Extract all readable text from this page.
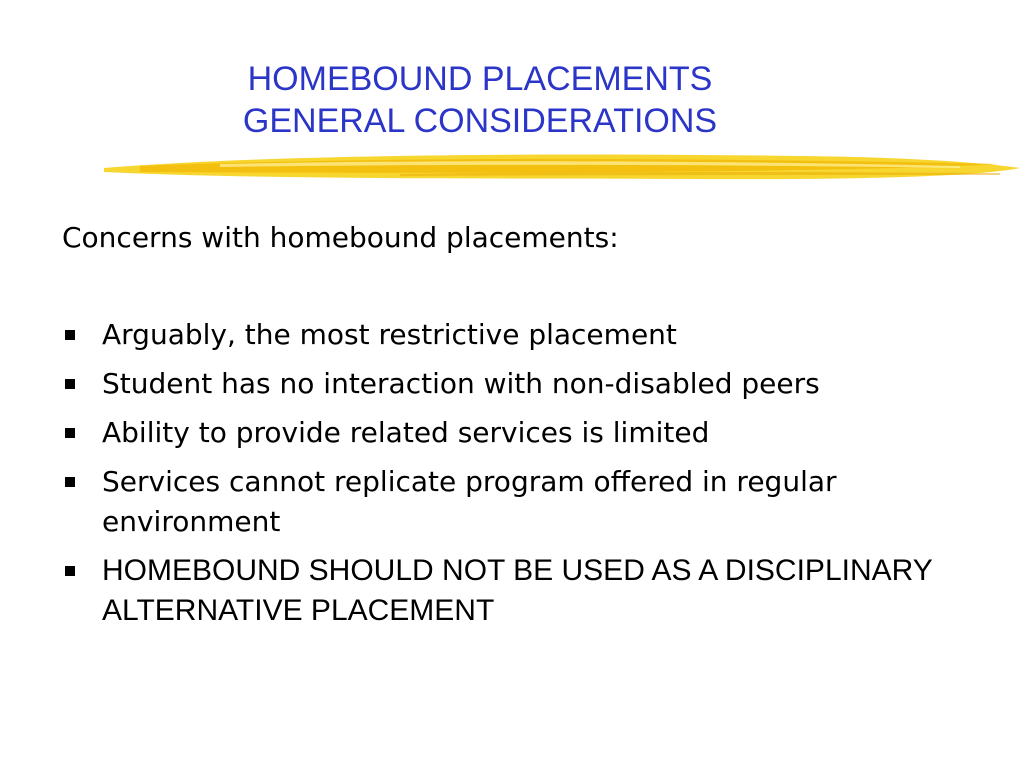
HOMEBOUND PLACEMENTS
GENERAL CONSIDERATIONS
Concerns with homebound placements:
Arguably, the most restrictive placement
Student has no interaction with non-disabled peers
Ability to provide related services is limited
Services cannot replicate program offered in regular environment
HOMEBOUND SHOULD NOT BE USED AS A DISCIPLINARY ALTERNATIVE PLACEMENT
